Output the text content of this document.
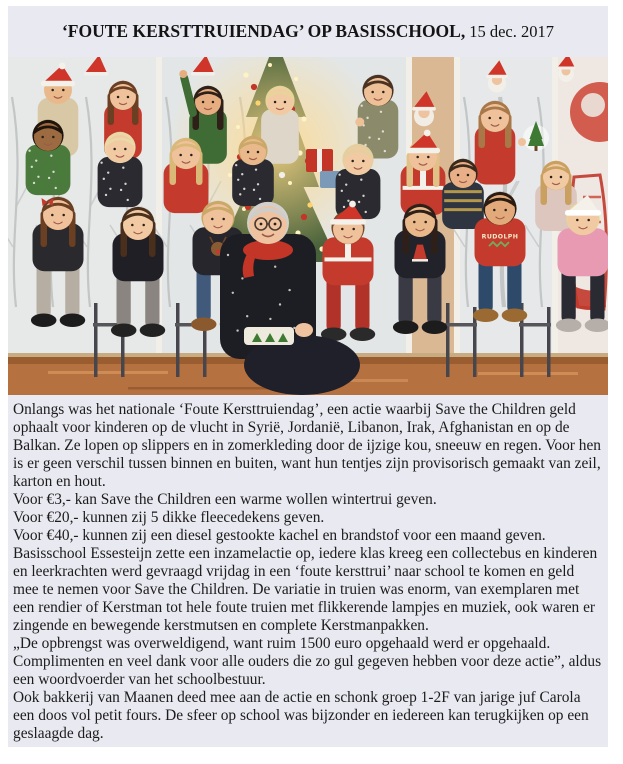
‘FOUTE KERSTTRUIENDAG’ OP BASISSCHOOL, 15 dec. 2017
RUDOLPH

Onlangs was het nationale ‘Foute Kersttruiendag’, een actie waarbij Save the Children geld ophaalt voor kinderen op de vlucht in Syrië, Jordanië, Libanon, Irak, Afghanistan en op de Balkan. Ze lopen op slippers en in zomerkleding door de ijzige kou, sneeuw en regen. Voor hen is er geen verschil tussen binnen en buiten, want hun tentjes zijn provisorisch gemaakt van zeil, karton en hout.

Voor €3,- kan Save the Children een warme wollen wintertrui geven.

Voor €20,- kunnen zij 5 dikke fleecedekens geven.

Voor €40,- kunnen zij een diesel gestookte kachel en brandstof voor een maand geven.

Basisschool Essesteijn zette een inzamelactie op, iedere klas kreeg een collectebus en kinderen en leerkrachten werd gevraagd vrijdag in een ‘foute kersttrui’ naar school te komen en geld mee te nemen voor Save the Children. De variatie in truien was enorm, van exemplaren met een rendier of Kerstman tot hele foute truien met flikkerende lampjes en muziek, ook waren er zingende en bewegende kerstmutsen en complete Kerstmanpakken.

„De opbrengst was overweldigend, want ruim 1500 euro opgehaald werd er opgehaald. Complimenten en veel dank voor alle ouders die zo gul gegeven hebben voor deze actie”, aldus een woordvoerder van het schoolbestuur.

Ook bakkerij van Maanen deed mee aan de actie en schonk groep 1-2F van jarige juf Carola een doos vol petit fours. De sfeer op school was bijzonder en iedereen kan terugkijken op een geslaagde dag.
